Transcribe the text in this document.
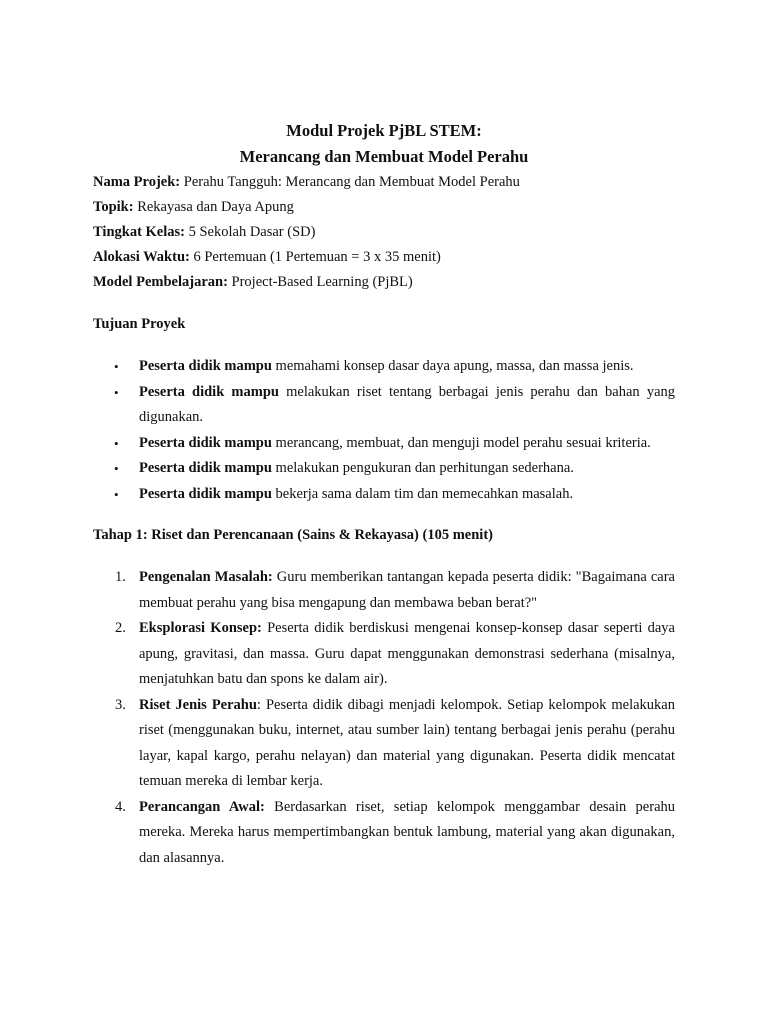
Modul Projek PjBL STEM:

Merancang dan Membuat Model Perahu

Nama Projek: Perahu Tangguh: Merancang dan Membuat Model Perahu

Topik: Rekayasa dan Daya Apung

Tingkat Kelas: 5 Sekolah Dasar (SD)

Alokasi Waktu: 6 Pertemuan (1 Pertemuan = 3 x 35 menit)

Model Pembelajaran: Project-Based Learning (PjBL)

Tujuan Proyek

• Peserta didik mampu memahami konsep dasar daya apung, massa, dan massa jenis.
• Peserta didik mampu melakukan riset tentang berbagai jenis perahu dan bahan yang digunakan.
• Peserta didik mampu merancang, membuat, dan menguji model perahu sesuai kriteria.
• Peserta didik mampu melakukan pengukuran dan perhitungan sederhana.
• Peserta didik mampu bekerja sama dalam tim dan memecahkan masalah.

Tahap 1: Riset dan Perencanaan (Sains & Rekayasa) (105 menit)

1. Pengenalan Masalah: Guru memberikan tantangan kepada peserta didik: "Bagaimana cara membuat perahu yang bisa mengapung dan membawa beban berat?"
2. Eksplorasi Konsep: Peserta didik berdiskusi mengenai konsep-konsep dasar seperti daya apung, gravitasi, dan massa. Guru dapat menggunakan demonstrasi sederhana (misalnya, menjatuhkan batu dan spons ke dalam air).
3. Riset Jenis Perahu: Peserta didik dibagi menjadi kelompok. Setiap kelompok melakukan riset (menggunakan buku, internet, atau sumber lain) tentang berbagai jenis perahu (perahu layar, kapal kargo, perahu nelayan) dan material yang digunakan. Peserta didik mencatat temuan mereka di lembar kerja.
4. Perancangan Awal: Berdasarkan riset, setiap kelompok menggambar desain perahu mereka. Mereka harus mempertimbangkan bentuk lambung, material yang akan digunakan, dan alasannya.
